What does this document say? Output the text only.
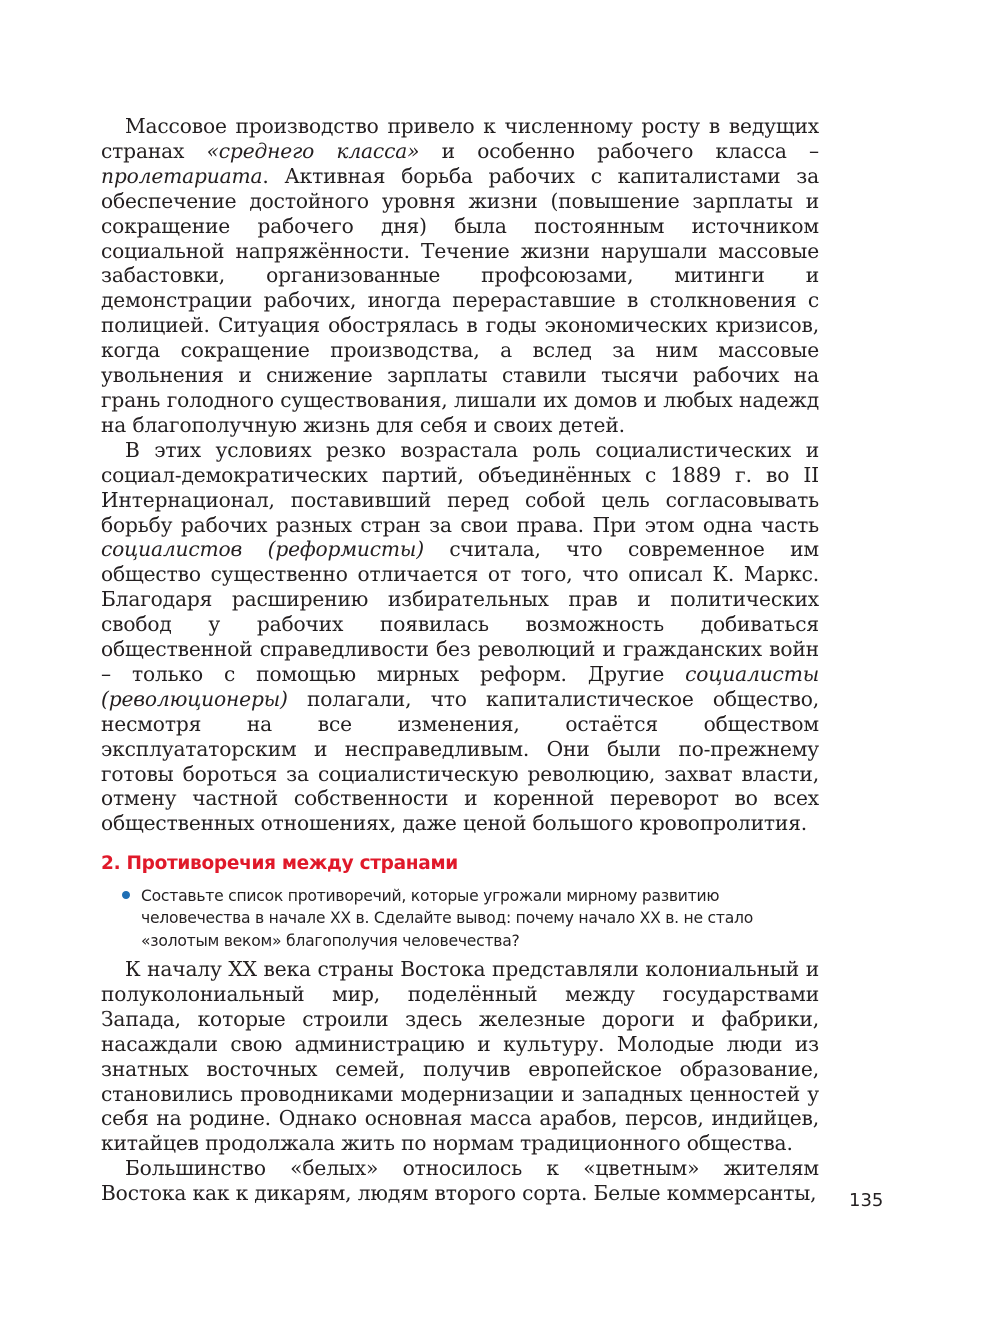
Массовое производство привело к численному росту в ведущих странах «среднего класса» и особенно рабочего класса – пролетариата. Активная борьба рабочих с капиталистами за обеспечение достойного уровня жизни (повышение зарплаты и сокращение рабочего дня) была постоянным источником социальной напряжённости. Течение жизни нарушали массовые забастовки, организованные профсоюзами, митинги и демонстрации рабочих, иногда перераставшие в столкновения с полицией. Ситуация обострялась в годы экономических кризисов, когда сокращение производства, а вслед за ним массовые увольнения и снижение зарплаты ставили тысячи рабочих на грань голодного существования, лишали их домов и любых надежд на благополучную жизнь для себя и своих детей.

В этих условиях резко возрастала роль социалистических и социал-демократических партий, объединённых с 1889 г. во II Интернационал, поставивший перед собой цель согласовывать борьбу рабочих разных стран за свои права. При этом одна часть социалистов (реформисты) считала, что современное им общество существенно отличается от того, что описал К. Маркс. Благодаря расширению избирательных прав и политических свобод у рабочих появилась возможность добиваться общественной справедливости без революций и гражданских войн – только с помощью мирных реформ. Другие социалисты (революционеры) полагали, что капиталистическое общество, несмотря на все изменения, остаётся обществом эксплуататорским и несправедливым. Они были по-прежнему готовы бороться за социалистическую революцию, захват власти, отмену частной собственности и коренной переворот во всех общественных отношениях, даже ценой большого кровопролития.

2. Противоречия между странами

Составьте список противоречий, которые угрожали мирному развитию человечества в начале XX в. Сделайте вывод: почему начало XX в. не стало «золотым веком» благополучия человечества?

К началу XX века страны Востока представляли колониальный и полуколониальный мир, поделённый между государствами Запада, которые строили здесь железные дороги и фабрики, насаждали свою администрацию и культуру. Молодые люди из знатных восточных семей, получив европейское образование, становились проводниками модернизации и западных ценностей у себя на родине. Однако основная масса арабов, персов, индийцев, китайцев продолжала жить по нормам традиционного общества.

Большинство «белых» относилось к «цветным» жителям Востока как к дикарям, людям второго сорта. Белые коммерсанты, 135
